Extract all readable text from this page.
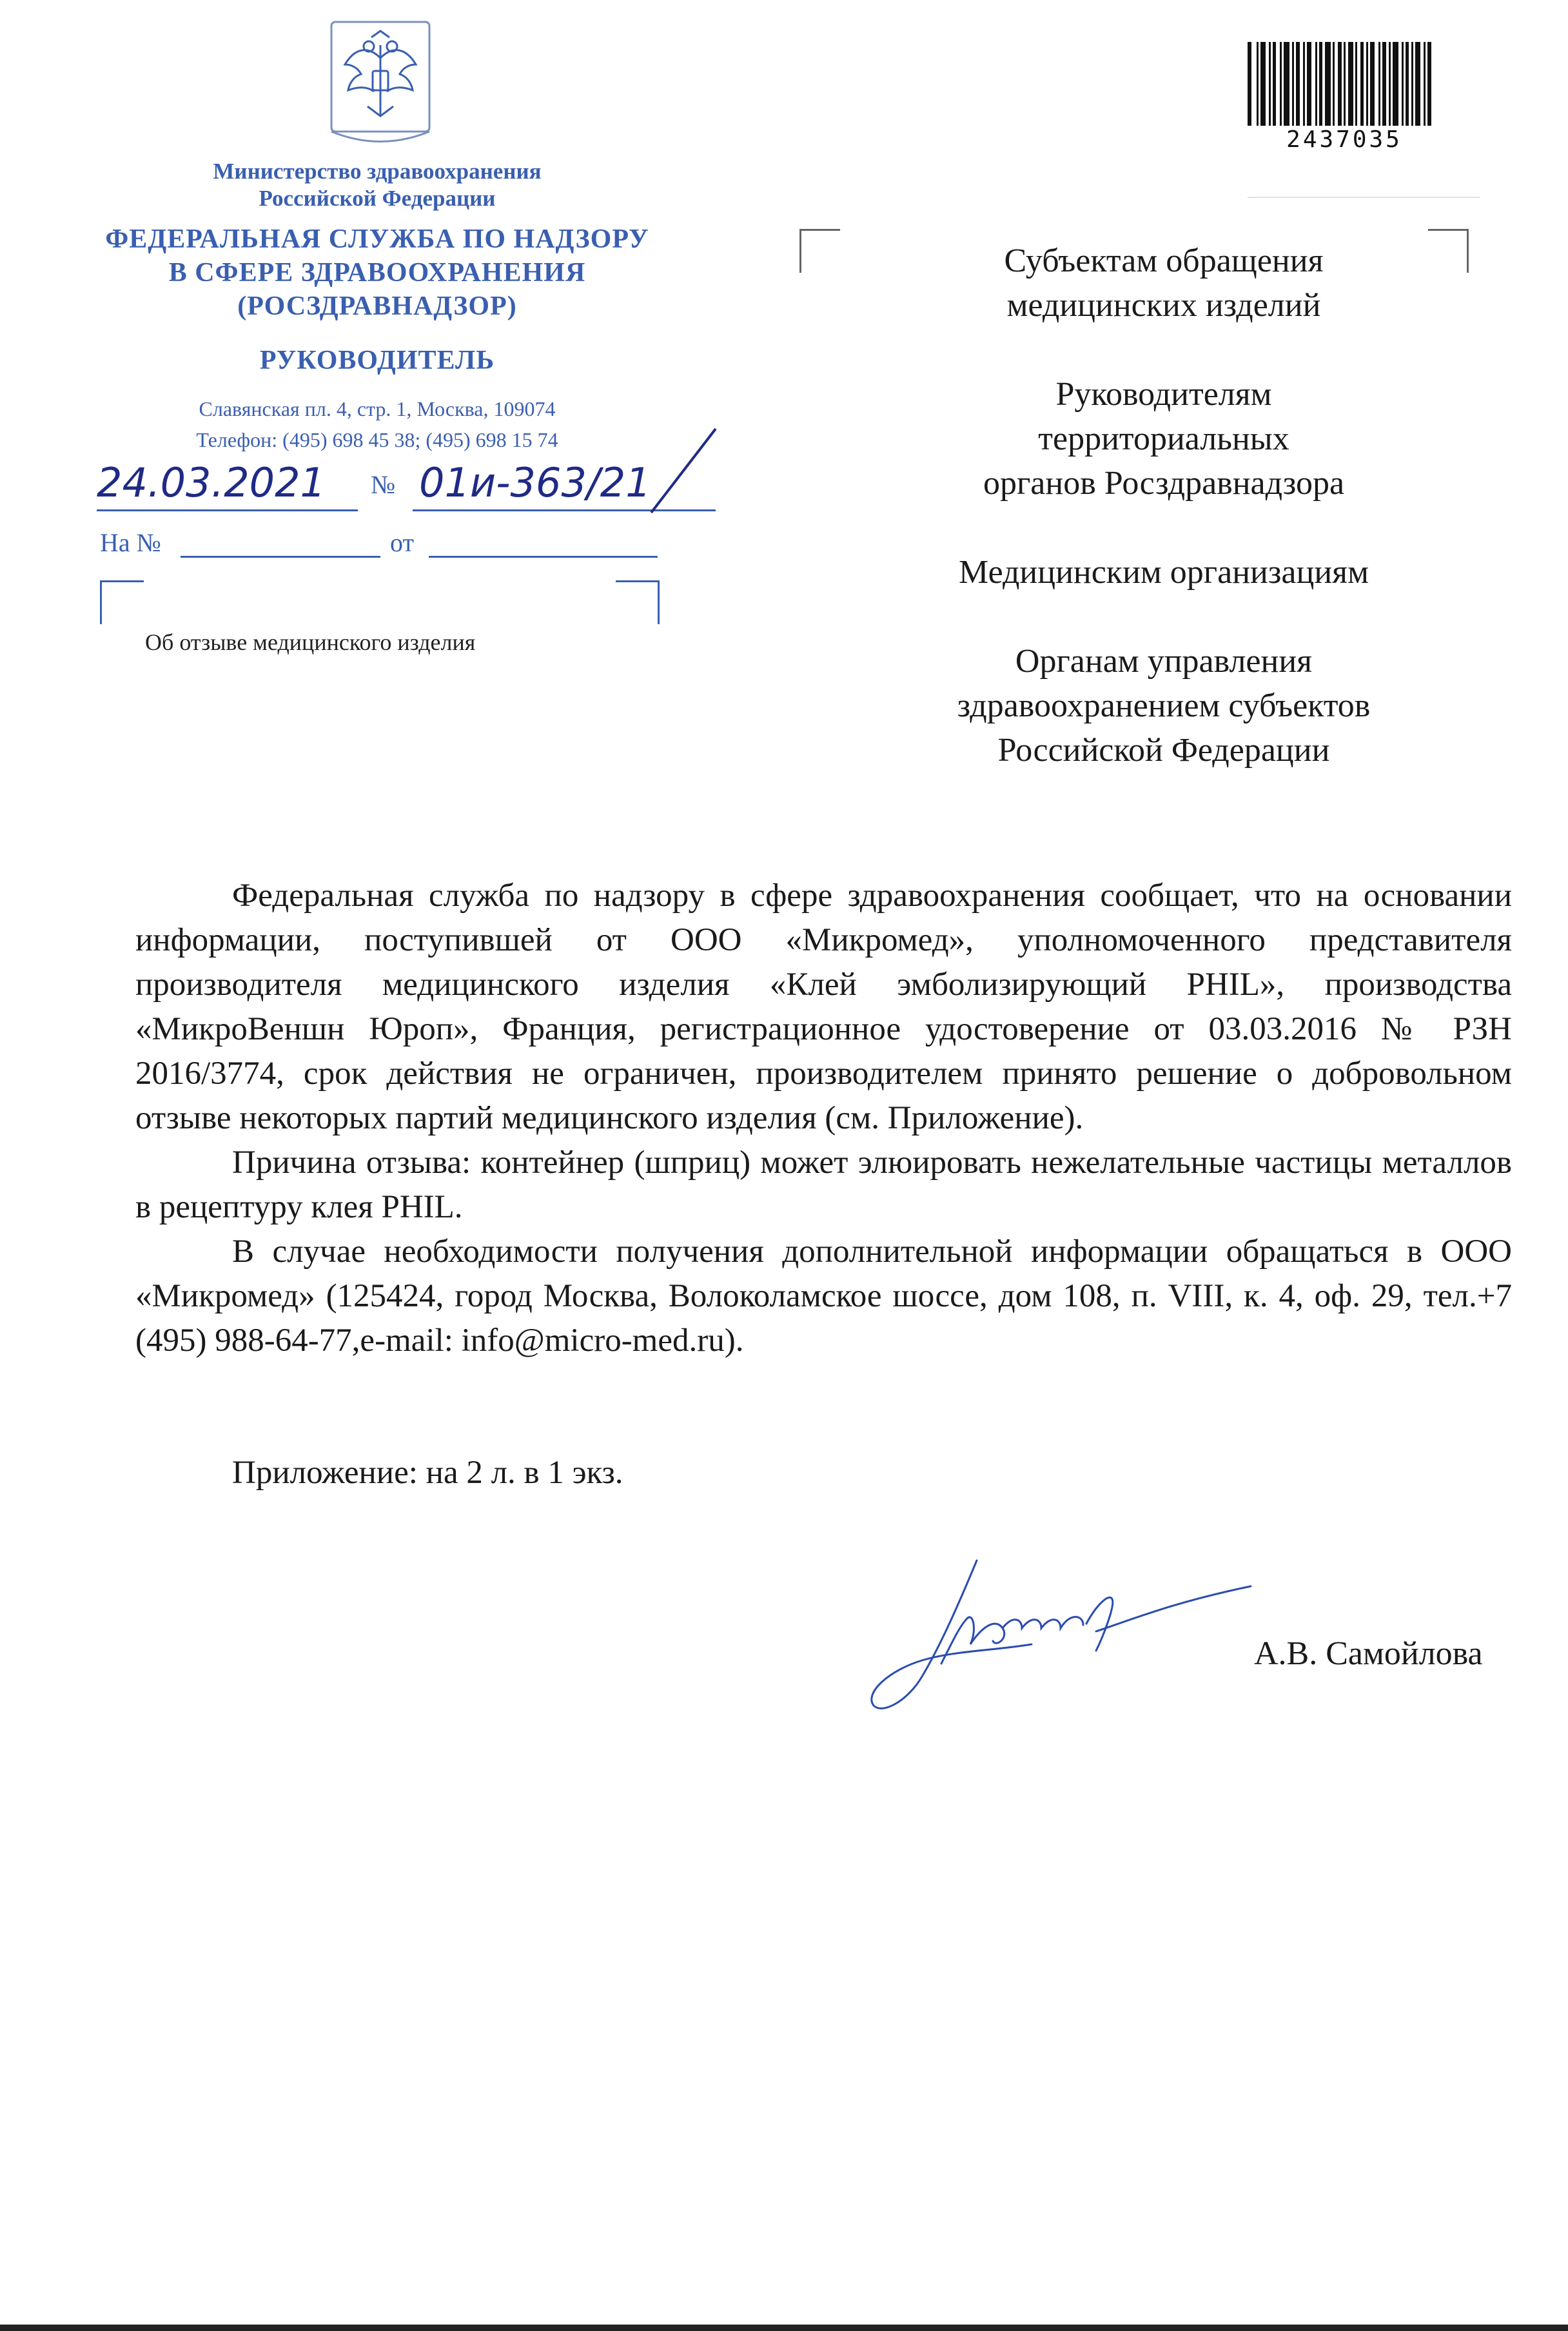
Министерство здравоохранения
Российской Федерации
ФЕДЕРАЛЬНАЯ СЛУЖБА ПО НАДЗОРУ
В СФЕРЕ ЗДРАВООХРАНЕНИЯ
(РОСЗДРАВНАДЗОР)
РУКОВОДИТЕЛЬ
Славянская пл. 4, стр. 1, Москва, 109074
Телефон: (495) 698 45 38; (495) 698 15 74
24.03.2021 № 01и-363/21
На №	от
Об отзыве медицинского изделия
2437035
Субъектам обращения
медицинских изделий
Руководителям
территориальных
органов Росздравнадзора
Медицинским организациям
Органам управления
здравоохранением субъектов
Российской Федерации

Федеральная служба по надзору в сфере здравоохранения сообщает, что на основании информации, поступившей от ООО «Микромед», уполномоченного представителя производителя медицинского изделия «Клей эмболизирующий PHIL», производства «МикроВеншн Юроп», Франция, регистрационное удостоверение от 03.03.2016 № РЗН 2016/3774, срок действия не ограничен, производителем принято решение о добровольном отзыве некоторых партий медицинского изделия (см. Приложение).

Причина отзыва: контейнер (шприц) может элюировать нежелательные частицы металлов в рецептуру клея PHIL.

В случае необходимости получения дополнительной информации обращаться в ООО «Микромед» (125424, город Москва, Волоколамское шоссе, дом 108, п. VIII, к. 4, оф. 29, тел.+7 (495) 988-64-77,e-mail: info@micro-med.ru).

Приложение: на 2 л. в 1 экз.
А.В. Самойлова
